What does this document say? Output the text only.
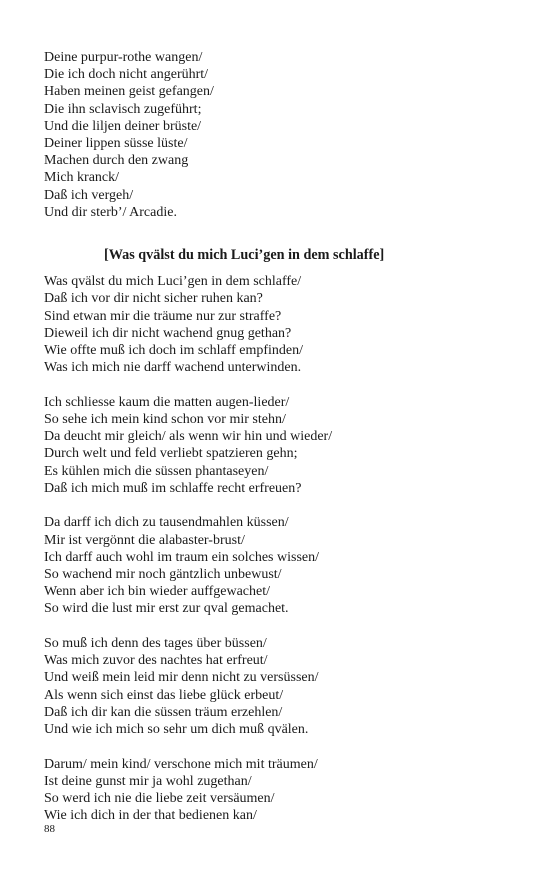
Deine purpur-rothe wangen/
Die ich doch nicht angerührt/
Haben meinen geist gefangen/
Die ihn sclavisch zugeführt;
Und die liljen deiner brüste/
Deiner lippen süsse lüste/
Machen durch den zwang
Mich kranck/
Daß ich vergeh/
Und dir sterb’/ Arcadie.
[Was qvälst du mich Luci’gen in dem schlaffe]
Was qvälst du mich Luci’gen in dem schlaffe/
Daß ich vor dir nicht sicher ruhen kan?
Sind etwan mir die träume nur zur straffe?
Dieweil ich dir nicht wachend gnug gethan?
Wie offte muß ich doch im schlaff empfinden/
Was ich mich nie darff wachend unterwinden.
Ich schliesse kaum die matten augen-lieder/
So sehe ich mein kind schon vor mir stehn/
Da deucht mir gleich/ als wenn wir hin und wieder/
Durch welt und feld verliebt spatzieren gehn;
Es kühlen mich die süssen phantaseyen/
Daß ich mich muß im schlaffe recht erfreuen?
Da darff ich dich zu tausendmahlen küssen/
Mir ist vergönnt die alabaster-brust/
Ich darff auch wohl im traum ein solches wissen/
So wachend mir noch gäntzlich unbewust/
Wenn aber ich bin wieder auffgewachet/
So wird die lust mir erst zur qval gemachet.
So muß ich denn des tages über büssen/
Was mich zuvor des nachtes hat erfreut/
Und weiß mein leid mir denn nicht zu versüssen/
Als wenn sich einst das liebe glück erbeut/
Daß ich dir kan die süssen träum erzehlen/
Und wie ich mich so sehr um dich muß qvälen.
Darum/ mein kind/ verschone mich mit träumen/
Ist deine gunst mir ja wohl zugethan/
So werd ich nie die liebe zeit versäumen/
Wie ich dich in der that bedienen kan/
88
